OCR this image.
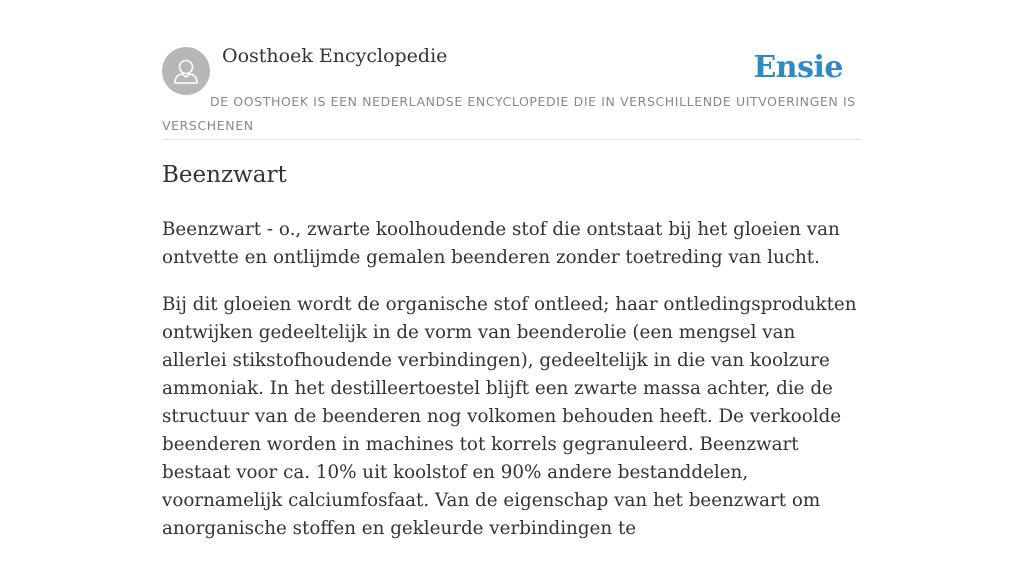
Oosthoek Encyclopedie	Ensie
DE OOSTHOEK IS EEN NEDERLANDSE ENCYCLOPEDIE DIE IN VERSCHILLENDE UITVOERINGEN IS VERSCHENEN
Beenzwart

Beenzwart - o., zwarte koolhoudende stof die ontstaat bij het gloeien van ontvette en ontlijmde gemalen beenderen zonder toetreding van lucht.

Bij dit gloeien wordt de organische stof ontleed; haar ontledingsprodukten ontwijken gedeeltelijk in de vorm van beenderolie (een mengsel van allerlei stikstofhoudende verbindingen), gedeeltelijk in die van koolzure ammoniak. In het destilleertoestel blijft een zwarte massa achter, die de structuur van de beenderen nog volkomen behouden heeft. De verkoolde beenderen worden in machines tot korrels gegranuleerd. Beenzwart bestaat voor ca. 10% uit koolstof en 90% andere bestanddelen, voornamelijk calciumfosfaat. Van de eigenschap van het beenzwart om anorganische stoffen en gekleurde verbindingen te
